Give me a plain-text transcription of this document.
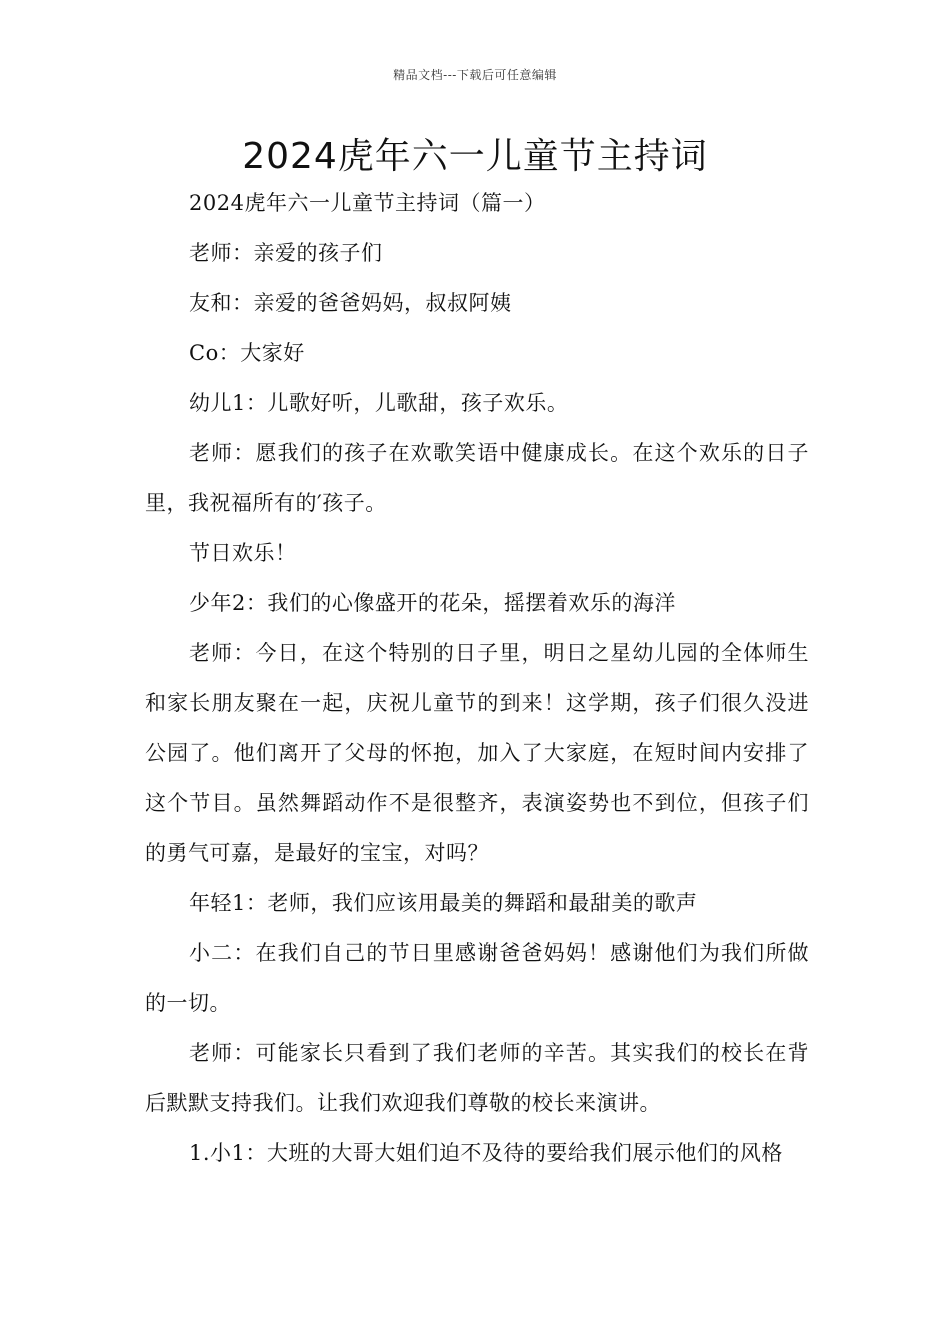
精品文档---下载后可任意编辑
2024虎年六一儿童节主持词

2024虎年六一儿童节主持词（篇一）

老师：亲爱的孩子们

友和：亲爱的爸爸妈妈，叔叔阿姨

Co：大家好

幼儿1：儿歌好听，儿歌甜，孩子欢乐。

老师：愿我们的孩子在欢歌笑语中健康成长。在这个欢乐的日子里，我祝福所有的′孩子。

节日欢乐！

少年2：我们的心像盛开的花朵，摇摆着欢乐的海洋

老师：今日，在这个特别的日子里，明日之星幼儿园的全体师生和家长朋友聚在一起，庆祝儿童节的到来！这学期，孩子们很久没进公园了。他们离开了父母的怀抱，加入了大家庭，在短时间内安排了这个节目。虽然舞蹈动作不是很整齐，表演姿势也不到位，但孩子们的勇气可嘉，是最好的宝宝，对吗？

年轻1：老师，我们应该用最美的舞蹈和最甜美的歌声

小二：在我们自己的节日里感谢爸爸妈妈！感谢他们为我们所做的一切。

老师：可能家长只看到了我们老师的辛苦。其实我们的校长在背后默默支持我们。让我们欢迎我们尊敬的校长来演讲。

1.小1：大班的大哥大姐们迫不及待的要给我们展示他们的风格
